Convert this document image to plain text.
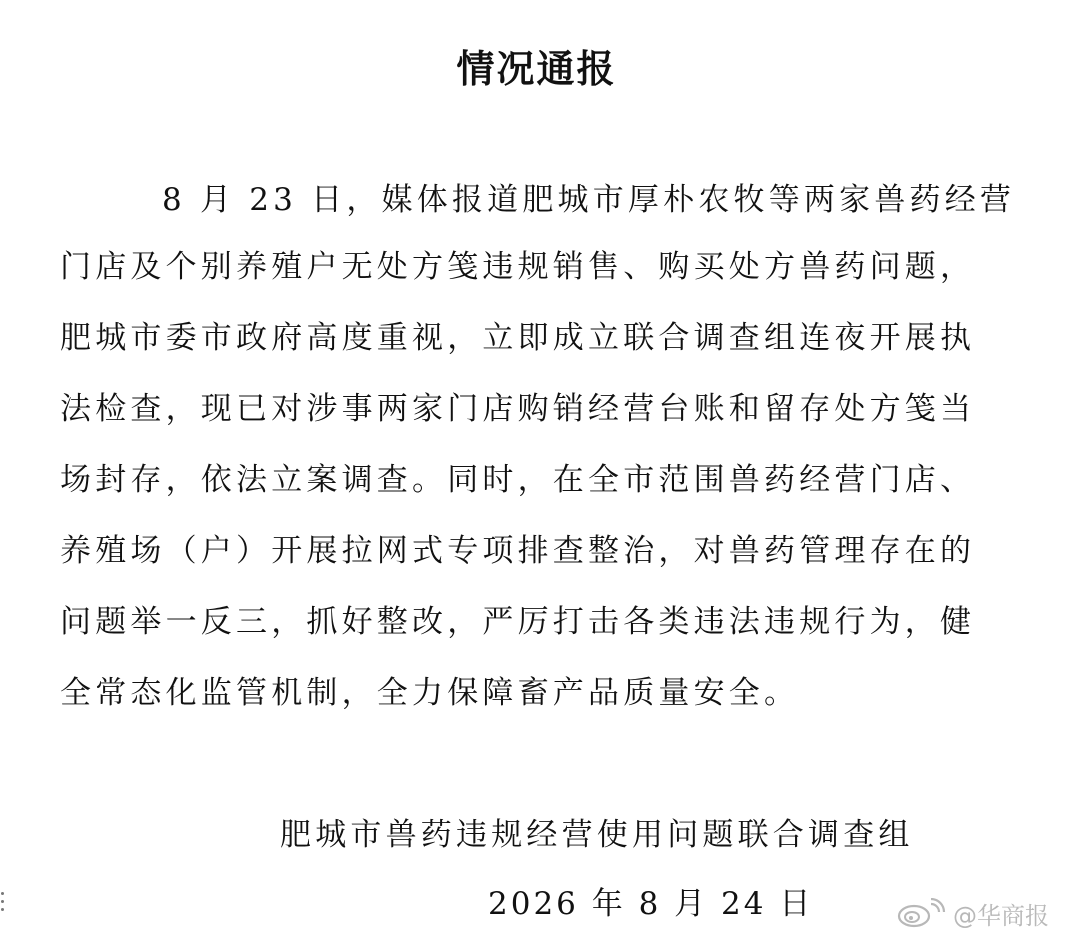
情况通报
8 月 23 日，媒体报道肥城市厚朴农牧等两家兽药经营
门店及个别养殖户无处方笺违规销售、购买处方兽药问题，
肥城市委市政府高度重视，立即成立联合调查组连夜开展执
法检查，现已对涉事两家门店购销经营台账和留存处方笺当
场封存，依法立案调查。同时，在全市范围兽药经营门店、
养殖场（户）开展拉网式专项排查整治，对兽药管理存在的
问题举一反三，抓好整改，严厉打击各类违法违规行为，健
全常态化监管机制，全力保障畜产品质量安全。
肥城市兽药违规经营使用问题联合调查组
2026 年 8 月 24 日	@华商报
